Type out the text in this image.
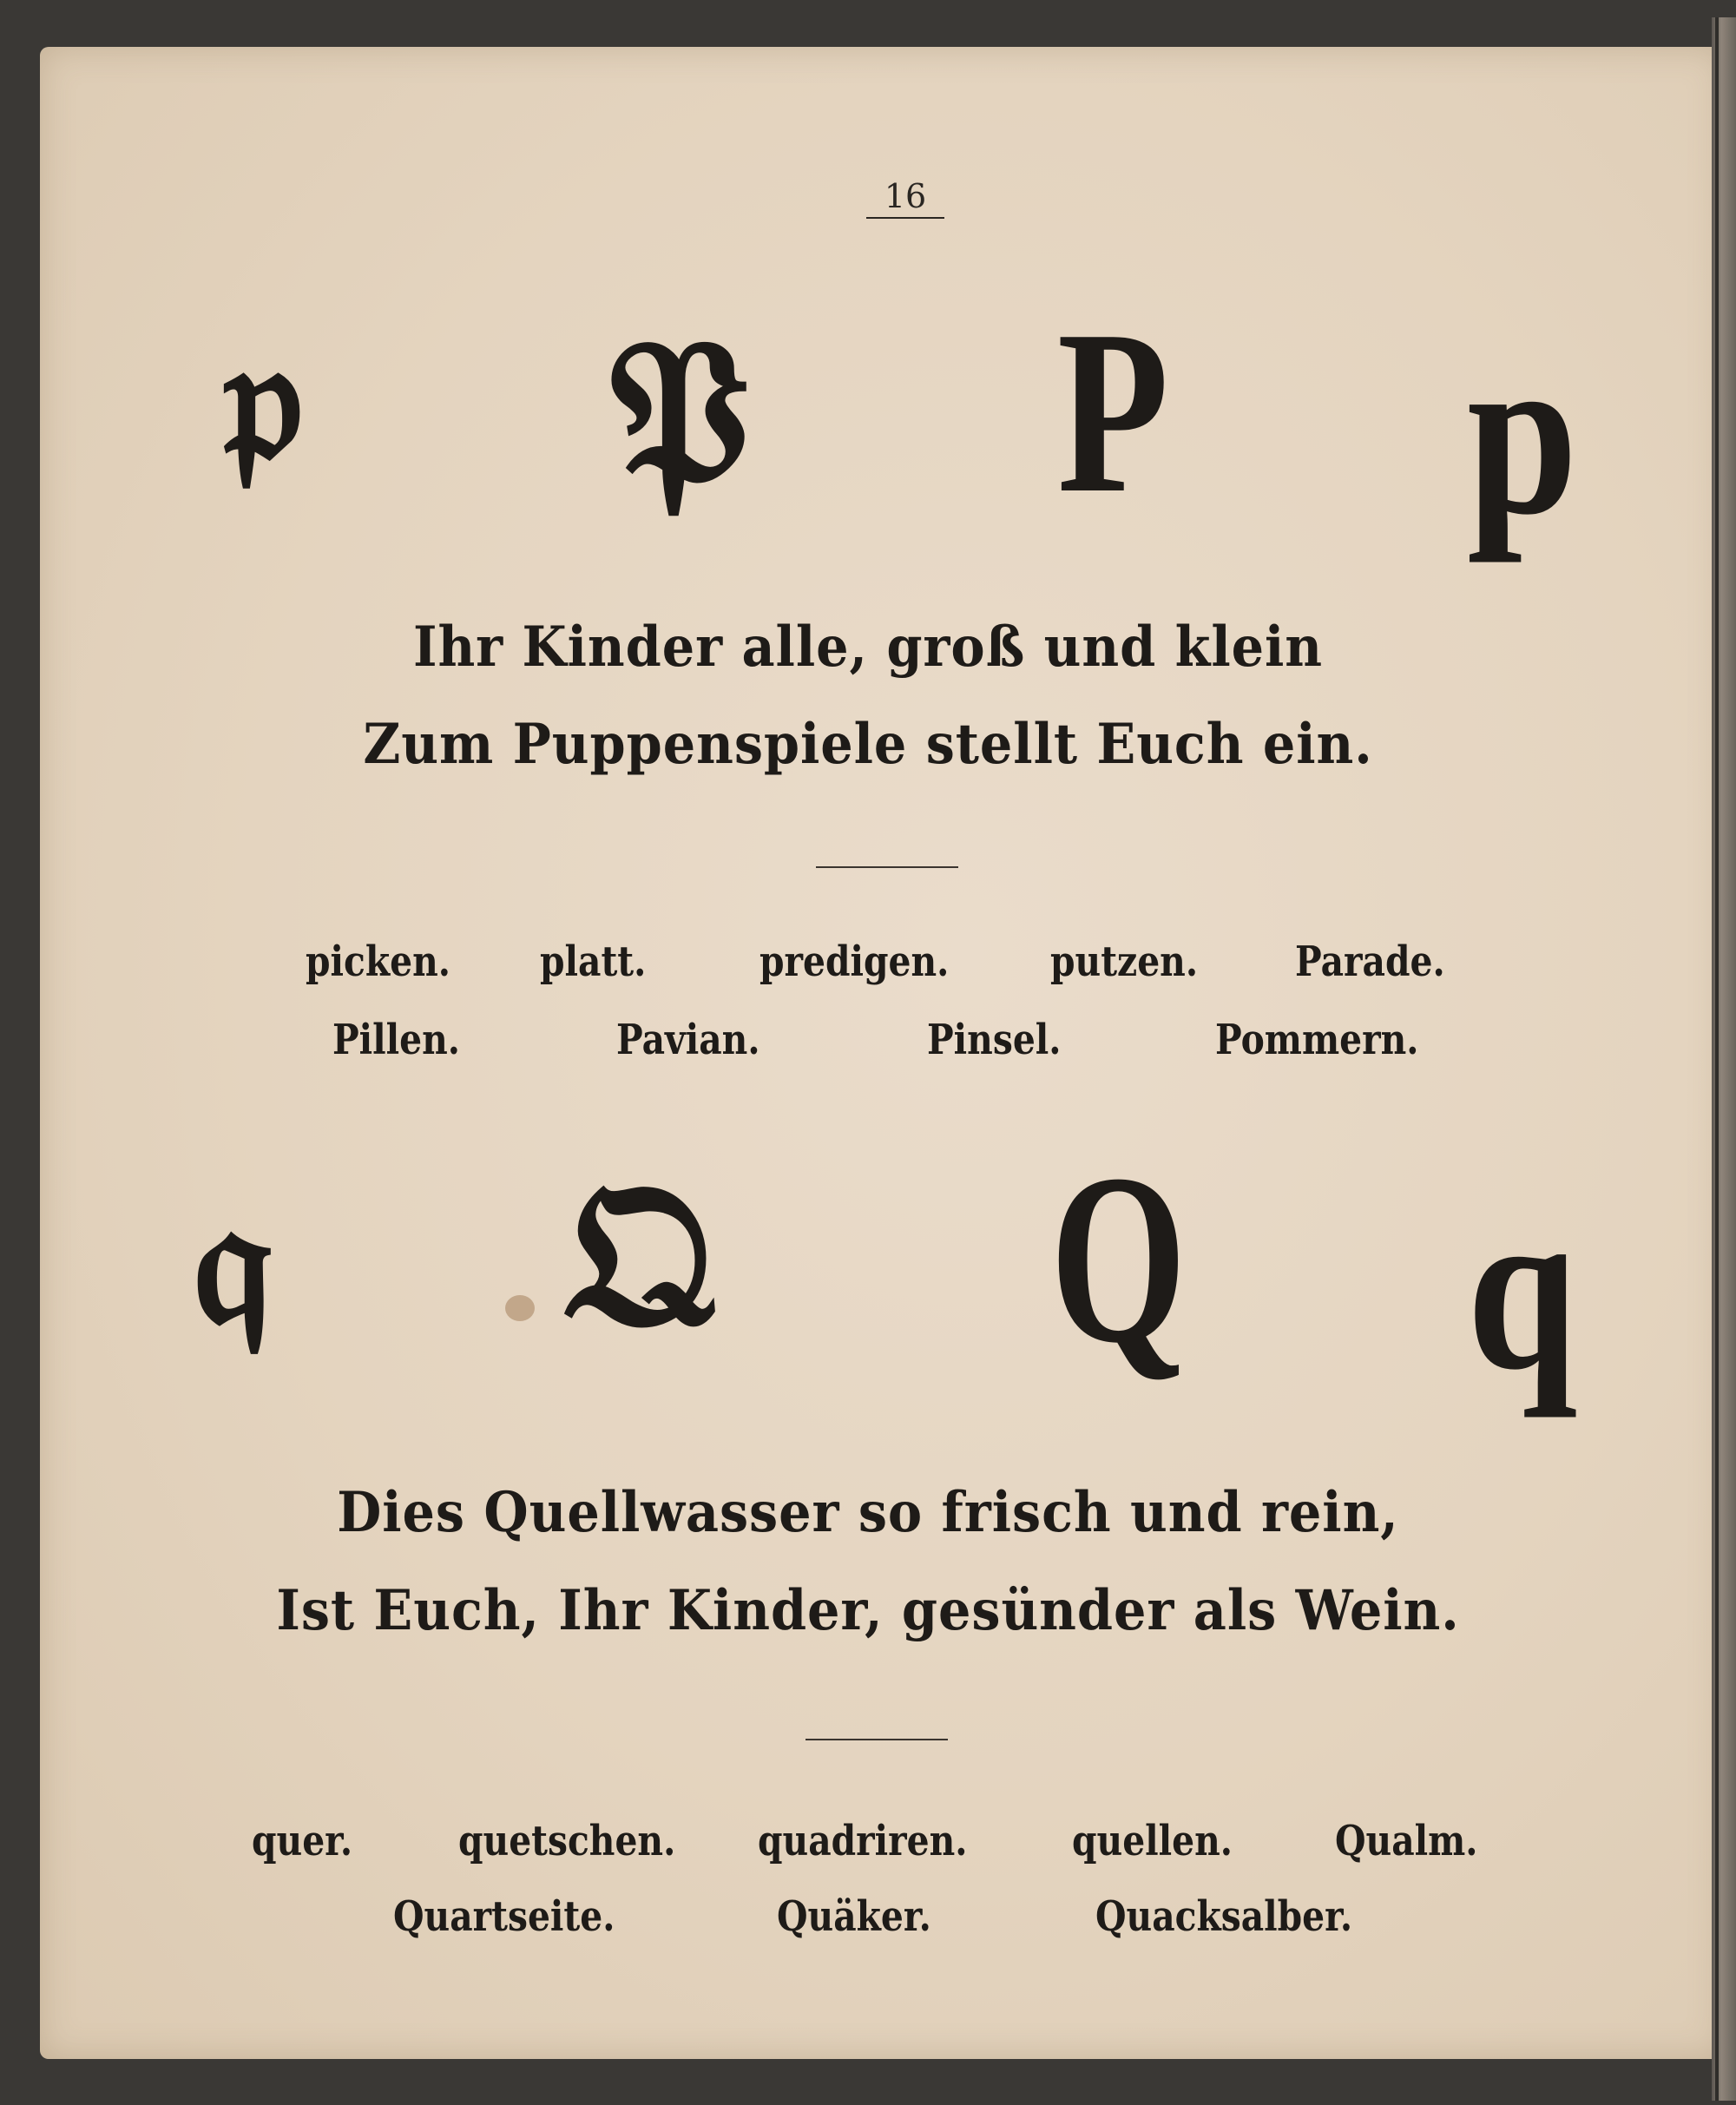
16
𝔭 𝔓 P p
Ihr Kinder alle, groß und klein
Zum Puppenspiele stellt Euch ein.
picken. platt.	predigen. putzen. Parade.
Pillen.	Pavian.	Pinsel.	Pommern.
𝔮 𝔔 Q q
Dies Quellwasser so frisch und rein,
Ist Euch, Ihr Kinder, gesünder als Wein.
quer.	quetschen. quadriren.	quellen. Qualm.
Quartseite.	Quäker.	Quacksalber.
